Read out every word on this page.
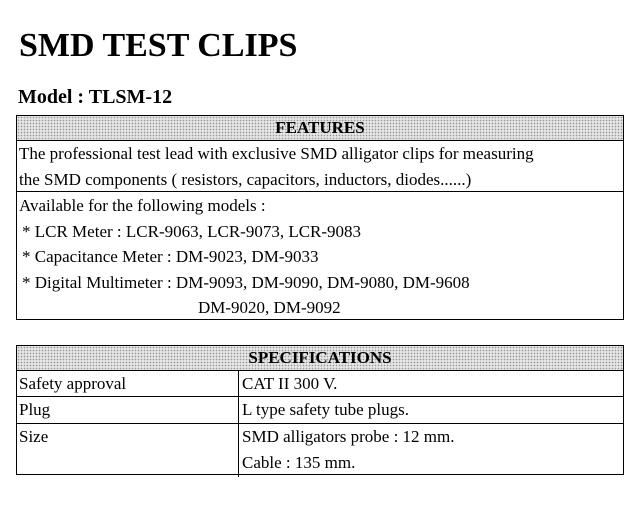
SMD TEST CLIPS
Model : TLSM-12
FEATURES
The professional test lead with exclusive SMD alligator clips for measuring
the SMD components ( resistors, capacitors, inductors, diodes......)
Available for the following models :
* LCR Meter : LCR-9063, LCR-9073, LCR-9083
* Capacitance Meter : DM-9023, DM-9033
* Digital Multimeter : DM-9093, DM-9090, DM-9080, DM-9608
DM-9020, DM-9092
SPECIFICATIONS
Safety approval	CAT II 300 V.
Plug	L type safety tube plugs.
Size	SMD alligators probe : 12 mm.
Cable : 135 mm.
